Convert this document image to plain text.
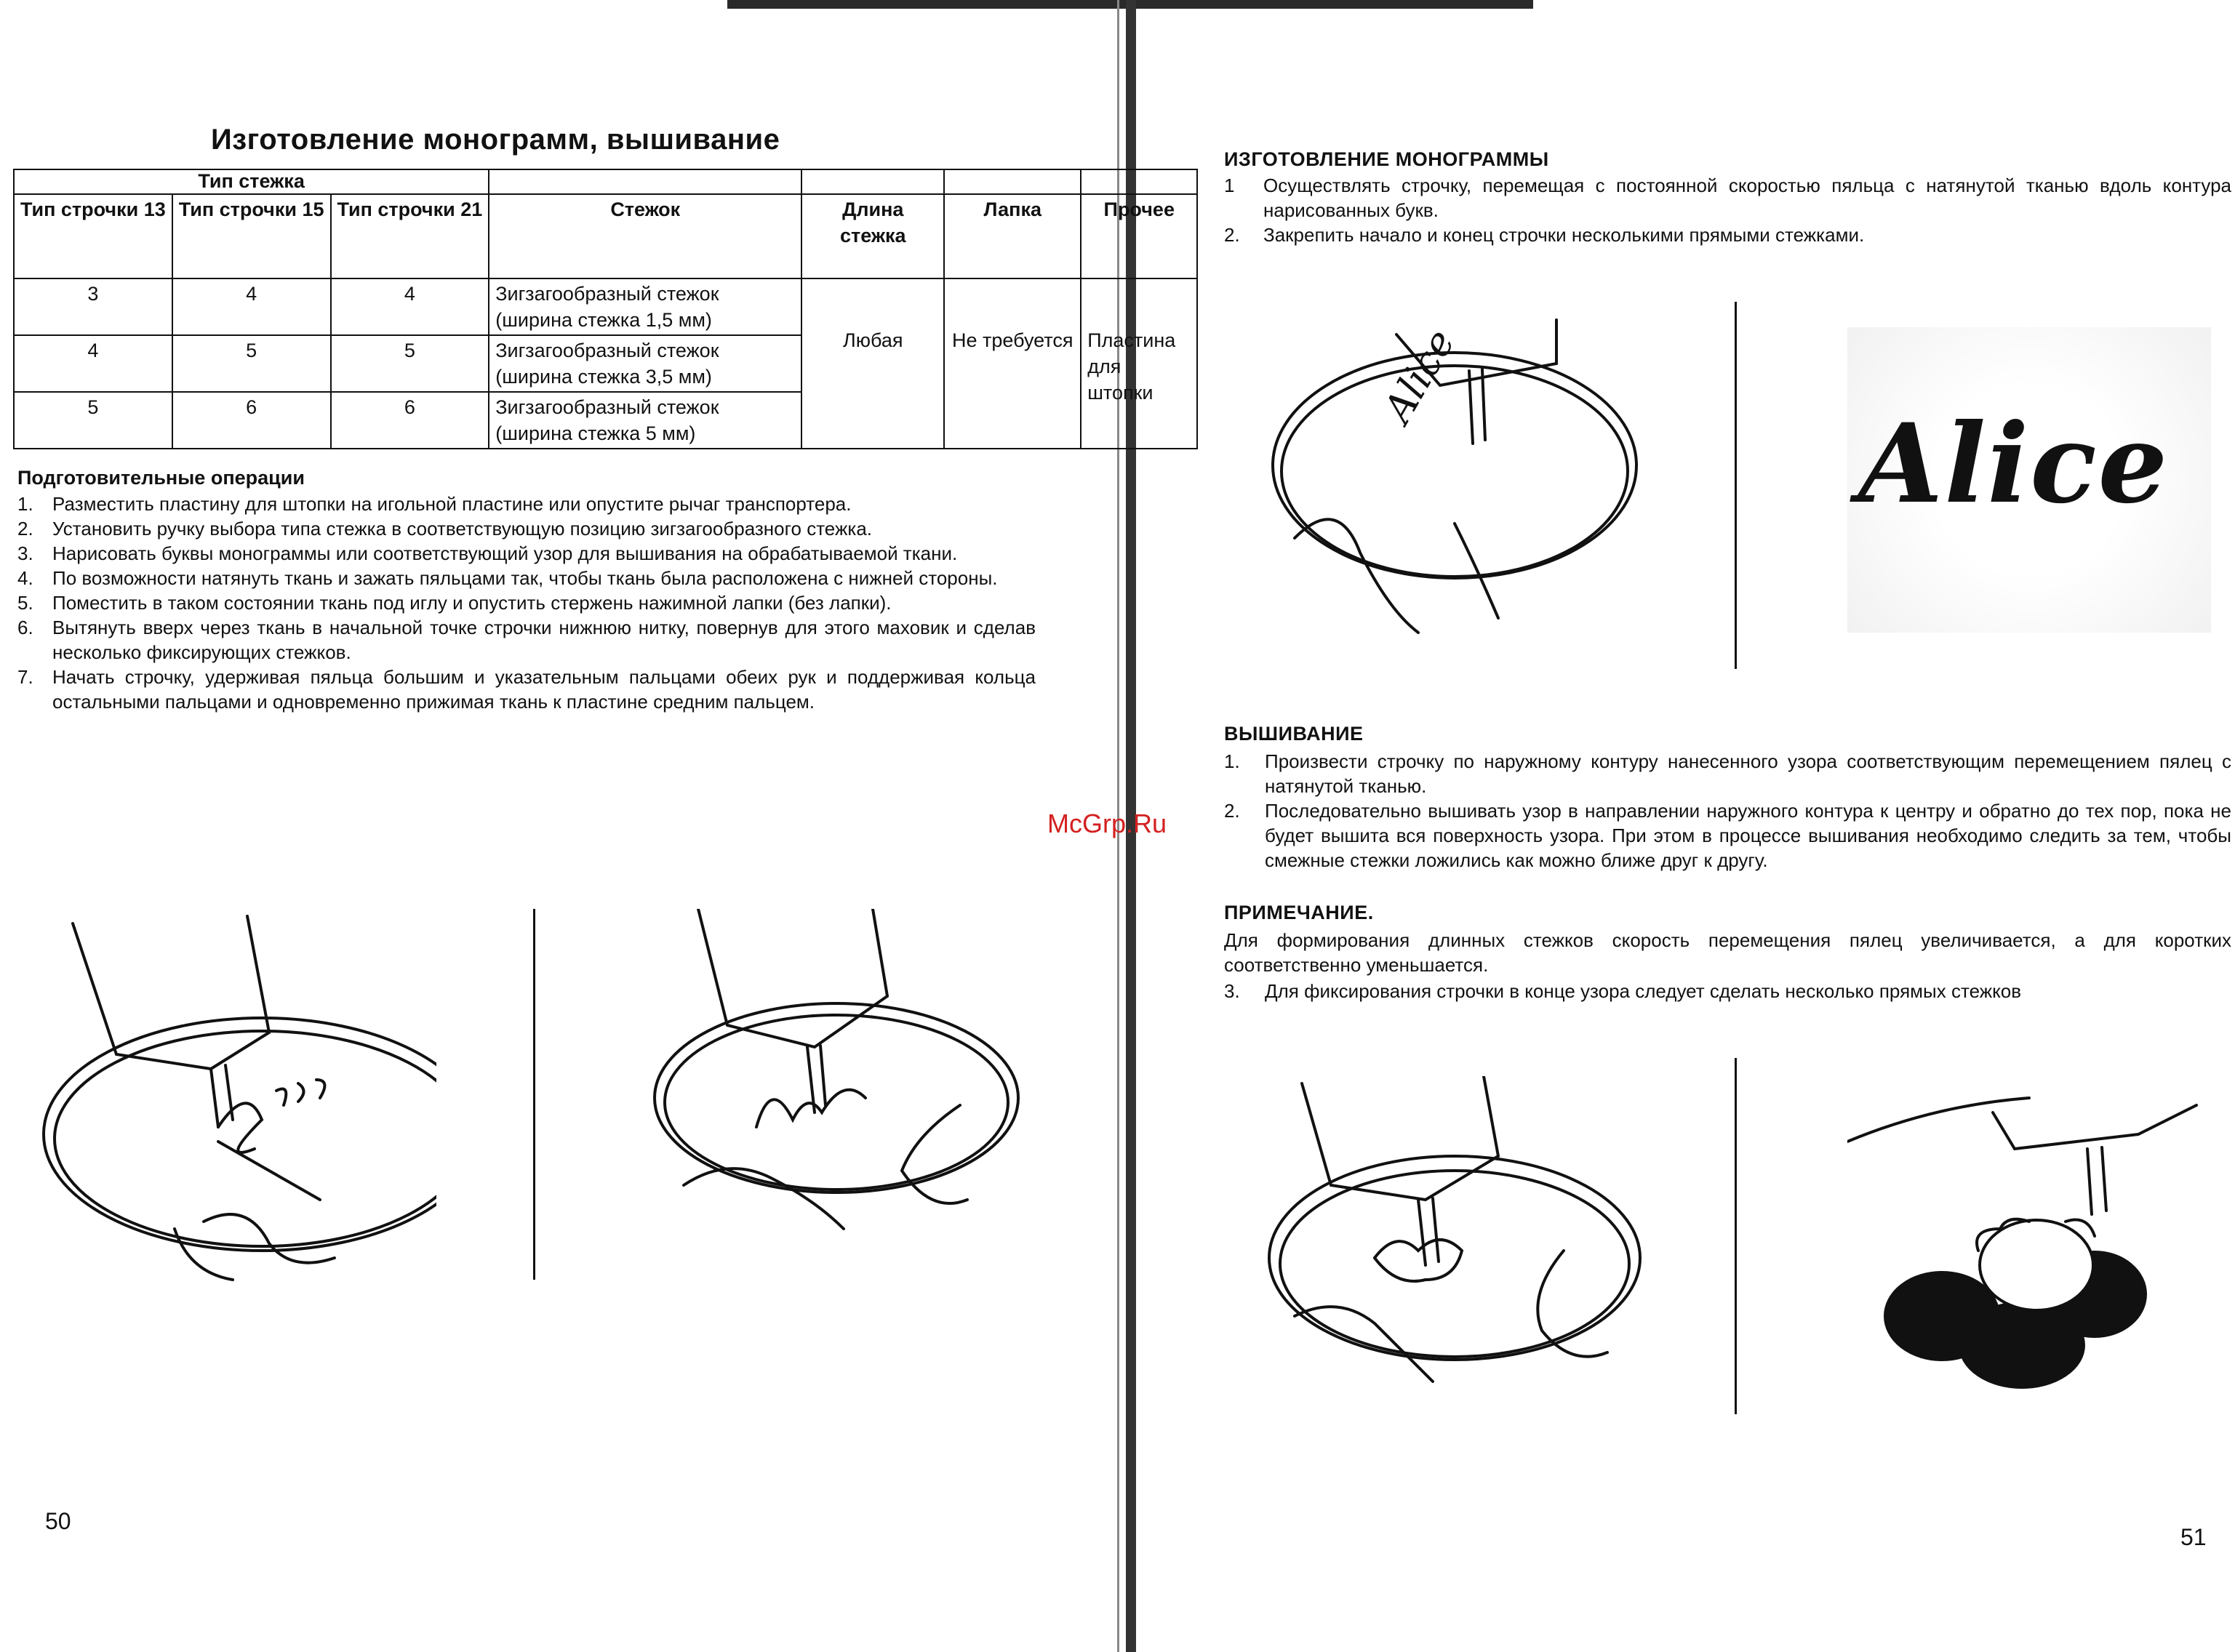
Изготовление монограмм, вышивание
Тип стежка						
Тип строчки 13	Тип строчки 15	Тип строчки 21	Стежок	Длина стежка	Лапка	Прочее
3	4	4	Зигзагообразный стежок (ширина стежка 1,5 мм)	Любая	Не требуется	Пластина для штопки
4	5	5	Зигзагообразный стежок (ширина стежка 3,5 мм)			
5	6	6	Зигзагообразный стежок (ширина стежка 5 мм)			
Подготовительные операции
1.	Разместить пластину для штопки на игольной пластине или опустите рычаг транспортера.
2.	Установить ручку выбора типа стежка в соответствующую позицию зигзагообразного стежка.
3.	Нарисовать буквы монограммы или соответствующий узор для вышивания на обрабатываемой ткани.
4.	По возможности натянуть ткань и зажать пяльцами так, чтобы ткань была расположена с нижней стороны.
5.	Поместить в таком состоянии ткань под иглу и опустить стержень нажимной лапки (без лапки).
6.	Вытянуть вверх через ткань в начальной точке строчки нижнюю нитку, повернув для этого маховик и сделав несколько фиксирующих стежков.
7.	Начать строчку, удерживая пяльца большим и указательным пальцами обеих рук и поддерживая кольца остальными пальцами и одновременно прижимая ткань к пластине средним пальцем.
McGrp.Ru
50
ИЗГОТОВЛЕНИЕ МОНОГРАММЫ
1	Осуществлять строчку, перемещая с постоянной скоростью пяльца с натянутой тканью вдоль контура нарисованных букв.
2.	Закрепить начало и конец строчки несколькими прямыми стежками.
Alice
Alice
ВЫШИВАНИЕ
1.	Произвести строчку по наружному контуру нанесенного узора соответствующим перемещением пялец с натянутой тканью.
2.	Последовательно вышивать узор в направлении наружного контура к центру и обратно до тех пор, пока не будет вышита вся поверхность узора. При этом в процессе вышивания необходимо следить за тем, чтобы смежные стежки ложились как можно ближе друг к другу.
ПРИМЕЧАНИЕ.
Для формирования длинных стежков скорость перемещения пялец увеличивается, а для коротких соответственно уменьшается.
3.	Для фиксирования строчки в конце узора следует сделать несколько прямых стежков
51
